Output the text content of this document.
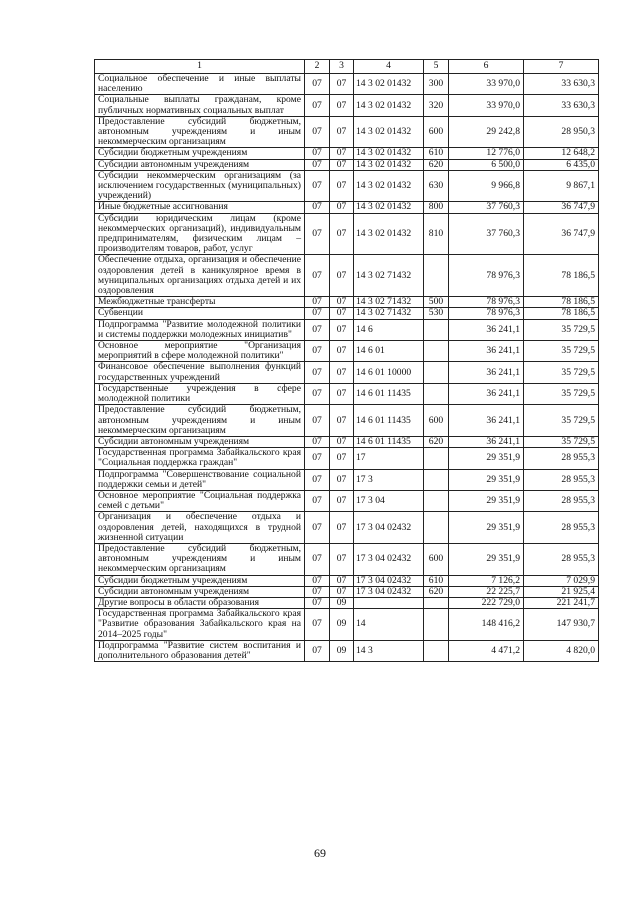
1	2	3	4	5	6	7
Социальное обеспечение и иные выплаты населению	07	07	14 3 02 01432	300	33 970,0	33 630,3
Социальные выплаты гражданам, кроме публичных нормативных социальных выплат	07	07	14 3 02 01432	320	33 970,0	33 630,3
Предоставление субсидий бюджетным, автономным учреждениям и иным некоммерческим организациям	07	07	14 3 02 01432	600	29 242,8	28 950,3
Субсидии бюджетным учреждениям	07	07	14 3 02 01432	610	12 776,0	12 648,2
Субсидии автономным учреждениям	07	07	14 3 02 01432	620	6 500,0	6 435,0
Субсидии некоммерческим организациям (за исключением государственных (муниципальных) учреждений)	07	07	14 3 02 01432	630	9 966,8	9 867,1
Иные бюджетные ассигнования	07	07	14 3 02 01432	800	37 760,3	36 747,9
Субсидии юридическим лицам (кроме некоммерческих организаций), индивидуальным предпринимателям, физическим лицам – производителям товаров, работ, услуг	07	07	14 3 02 01432	810	37 760,3	36 747,9
Обеспечение отдыха, организация и обеспечение оздоровления детей в каникулярное время в муниципальных организациях отдыха детей и их оздоровления	07	07	14 3 02 71432		78 976,3	78 186,5
Межбюджетные трансферты	07	07	14 3 02 71432	500	78 976,3	78 186,5
Субвенции	07	07	14 3 02 71432	530	78 976,3	78 186,5
Подпрограмма "Развитие молодежной политики и системы поддержки молодежных инициатив"	07	07	14 6		36 241,1	35 729,5
Основное мероприятие "Организация мероприятий в сфере молодежной политики"	07	07	14 6 01		36 241,1	35 729,5
Финансовое обеспечение выполнения функций государственных учреждений	07	07	14 6 01 10000		36 241,1	35 729,5
Государственные учреждения в сфере молодежной политики	07	07	14 6 01 11435		36 241,1	35 729,5
Предоставление субсидий бюджетным, автономным учреждениям и иным некоммерческим организациям	07	07	14 6 01 11435	600	36 241,1	35 729,5
Субсидии автономным учреждениям	07	07	14 6 01 11435	620	36 241,1	35 729,5
Государственная программа Забайкальского края "Социальная поддержка граждан"	07	07	17		29 351,9	28 955,3
Подпрограмма "Совершенствование социальной поддержки семьи и детей"	07	07	17 3		29 351,9	28 955,3
Основное мероприятие "Социальная поддержка семей с детьми"	07	07	17 3 04		29 351,9	28 955,3
Организация и обеспечение отдыха и оздоровления детей, находящихся в трудной жизненной ситуации	07	07	17 3 04 02432		29 351,9	28 955,3
Предоставление субсидий бюджетным, автономным учреждениям и иным некоммерческим организациям	07	07	17 3 04 02432	600	29 351,9	28 955,3
Субсидии бюджетным учреждениям	07	07	17 3 04 02432	610	7 126,2	7 029,9
Субсидии автономным учреждениям	07	07	17 3 04 02432	620	22 225,7	21 925,4
Другие вопросы в области образования	07	09			222 729,0	221 241,7
Государственная программа Забайкальского края "Развитие образования Забайкальского края на 2014–2025 годы"	07	09	14		148 416,2	147 930,7
Подпрограмма "Развитие систем воспитания и дополнительного образования детей"	07	09	14 3		4 471,2	4 820,0
69
